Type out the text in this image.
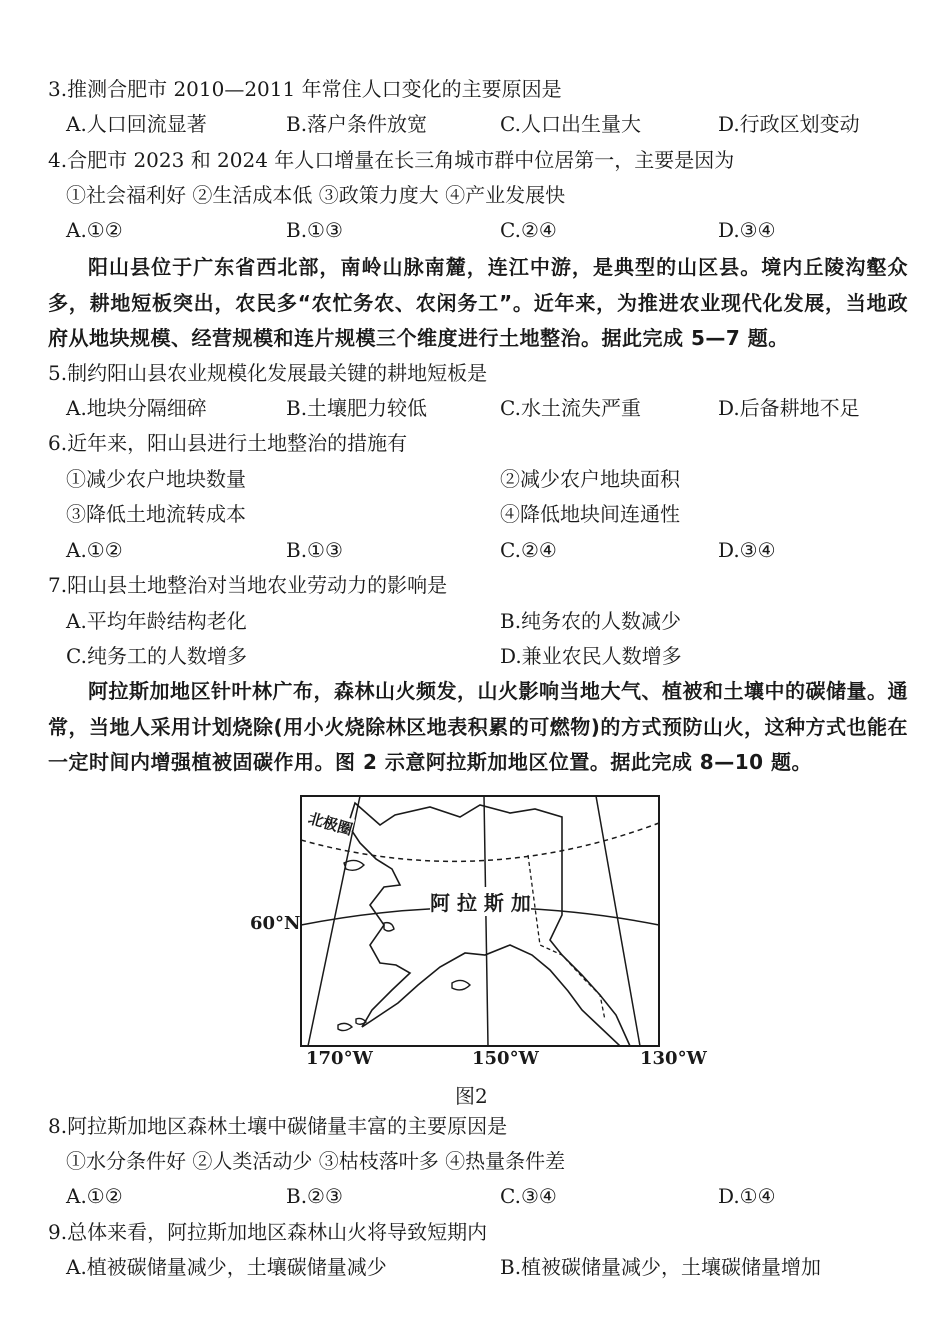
3.推测合肥市 2010—2011 年常住人口变化的主要原因是
A.人口回流显著	B.落户条件放宽	C.人口出生量大	D.行政区划变动
4.合肥市 2023 和 2024 年人口增量在长三角城市群中位居第一，主要是因为
①社会福利好 ②生活成本低 ③政策力度大 ④产业发展快
A.①②	B.①③	C.②④	D.③④
阳山县位于广东省西北部，南岭山脉南麓，连江中游，是典型的山区县。境内丘陵沟壑众多，耕地短板突出，农民多“农忙务农、农闲务工”。近年来，为推进农业现代化发展，当地政府从地块规模、经营规模和连片规模三个维度进行土地整治。据此完成 5—7 题。
5.制约阳山县农业规模化发展最关键的耕地短板是
A.地块分隔细碎	B.土壤肥力较低	C.水土流失严重	D.后备耕地不足
6.近年来，阳山县进行土地整治的措施有
①减少农户地块数量	②减少农户地块面积
③降低土地流转成本	④降低地块间连通性
A.①②	B.①③	C.②④	D.③④
7.阳山县土地整治对当地农业劳动力的影响是
A.平均年龄结构老化	B.纯务农的人数减少
C.纯务工的人数增多	D.兼业农民人数增多
阿拉斯加地区针叶林广布，森林山火频发，山火影响当地大气、植被和土壤中的碳储量。通常，当地人采用计划烧除(用小火烧除林区地表积累的可燃物)的方式预防山火，这种方式也能在一定时间内增强植被固碳作用。图 2 示意阿拉斯加地区位置。据此完成 8—10 题。
北极圈
阿 拉 斯 加
60°N
170°W	150°W	130°W
图2
8.阿拉斯加地区森林土壤中碳储量丰富的主要原因是
①水分条件好 ②人类活动少 ③枯枝落叶多 ④热量条件差
A.①②	B.②③	C.③④	D.①④
9.总体来看，阿拉斯加地区森林山火将导致短期内
A.植被碳储量减少，土壤碳储量减少	B.植被碳储量减少，土壤碳储量增加
